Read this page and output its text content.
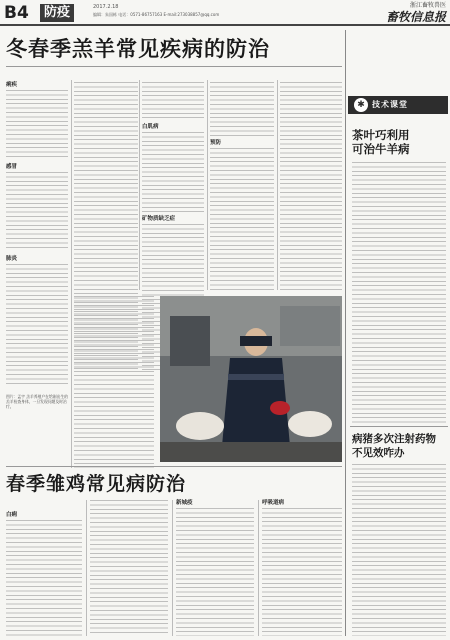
B4	防疫	2017.2.18
编辑：朱国栋 电话：0571-86757163 E-mail:273038857@qq.com
浙江畜牧兽医
畜牧信息报
冬春季羔羊常见疾病的防治
痢疾
感冒
肺炎
白肌病
矿物质缺乏症
预防
图片：孟宇 羔羊养殖户在给刚出生的羔羊检查身体，一旦发现问题及时治疗。
✱ 技术课堂
茶叶巧利用
可治牛羊病
病猪多次注射药物
不见效咋办
春季雏鸡常见病防治
白痢
新城疫	呼吸道病
